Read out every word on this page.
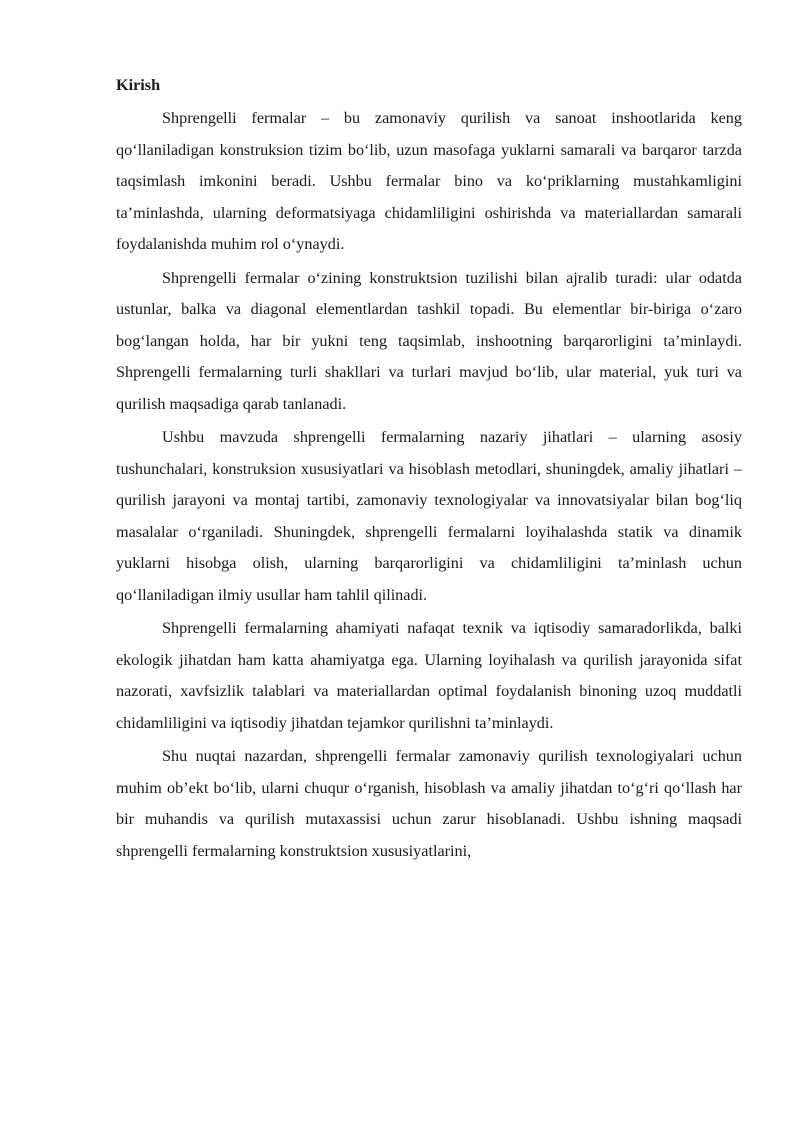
Kirish

Shprengelli fermalar – bu zamonaviy qurilish va sanoat inshootlarida keng qo‘llaniladigan konstruksion tizim bo‘lib, uzun masofaga yuklarni samarali va barqaror tarzda taqsimlash imkonini beradi. Ushbu fermalar bino va ko‘priklarning mustahkamligini ta’minlashda, ularning deformatsiyaga chidamliligini oshirishda va materiallardan samarali foydalanishda muhim rol o‘ynaydi.

Shprengelli fermalar o‘zining konstruktsion tuzilishi bilan ajralib turadi: ular odatda ustunlar, balka va diagonal elementlardan tashkil topadi. Bu elementlar bir-biriga o‘zaro bog‘langan holda, har bir yukni teng taqsimlab, inshootning barqarorligini ta’minlaydi. Shprengelli fermalarning turli shakllari va turlari mavjud bo‘lib, ular material, yuk turi va qurilish maqsadiga qarab tanlanadi.

Ushbu mavzuda shprengelli fermalarning nazariy jihatlari – ularning asosiy tushunchalari, konstruksion xususiyatlari va hisoblash metodlari, shuningdek, amaliy jihatlari – qurilish jarayoni va montaj tartibi, zamonaviy texnologiyalar va innovatsiyalar bilan bog‘liq masalalar o‘rganiladi. Shuningdek, shprengelli fermalarni loyihalashda statik va dinamik yuklarni hisobga olish, ularning barqarorligini va chidamliligini ta’minlash uchun qo‘llaniladigan ilmiy usullar ham tahlil qilinadi.

Shprengelli fermalarning ahamiyati nafaqat texnik va iqtisodiy samaradorlikda, balki ekologik jihatdan ham katta ahamiyatga ega. Ularning loyihalash va qurilish jarayonida sifat nazorati, xavfsizlik talablari va materiallardan optimal foydalanish binoning uzoq muddatli chidamliligini va iqtisodiy jihatdan tejamkor qurilishni ta’minlaydi.

Shu nuqtai nazardan, shprengelli fermalar zamonaviy qurilish texnologiyalari uchun muhim ob’ekt bo‘lib, ularni chuqur o‘rganish, hisoblash va amaliy jihatdan to‘g‘ri qo‘llash har bir muhandis va qurilish mutaxassisi uchun zarur hisoblanadi. Ushbu ishning maqsadi shprengelli fermalarning konstruktsion xususiyatlarini,
